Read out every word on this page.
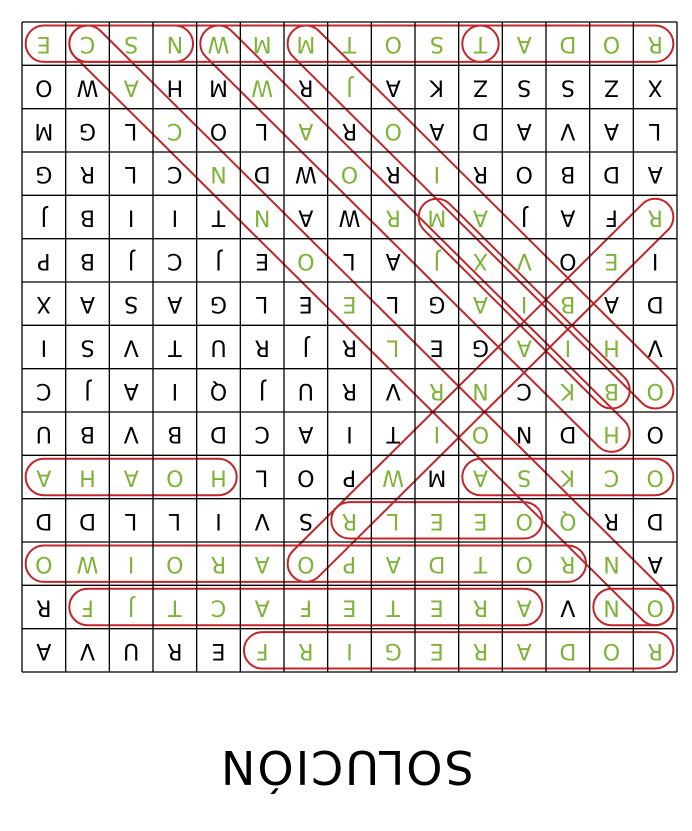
E C S N W M M T O S T A D O R
O W A H M W R J A K Z S S Z X
M G L C O L A R O A D A V A L
G R L C N D W O R I R O B D A
J B I I T N A W R M A J A F R
P B J C J E O L A J X V O E I
X A S A G L E E L G A I B A D
I S V T U R J R L E G A I H V
C J A I Q J U R V R N C K B O
U B V B D C A I T I O N D H O
A H A O H L O P W M A S K C O
D D L L I V S R L E E O Q R D
O W I O R A O P A D T O R N A
R F J T C A F E T E R A V N O
A V U R E F R I G E R A D O R
SOLUCIÓN
